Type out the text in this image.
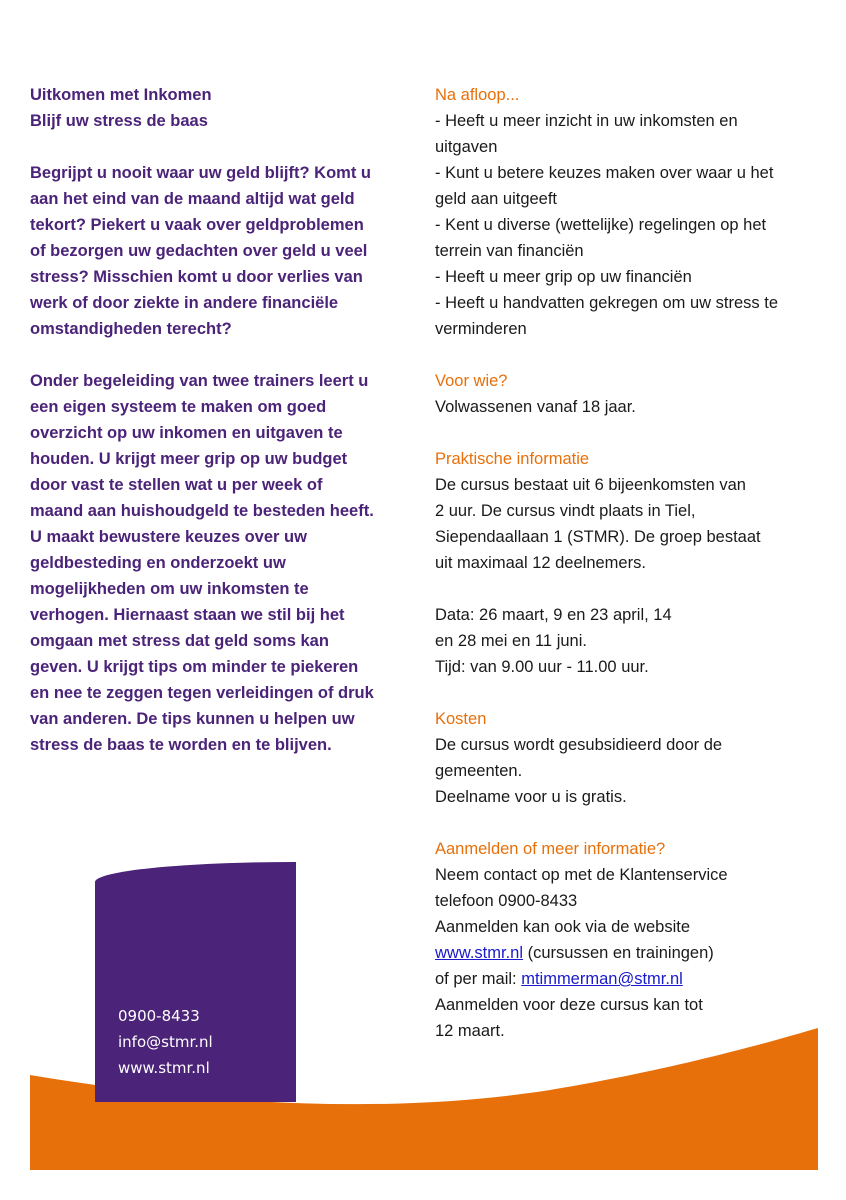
Uitkomen met Inkomen
Blijf uw stress de baas

Begrijpt u nooit waar uw geld blijft? Komt u
aan het eind van de maand altijd wat geld
tekort? Piekert u vaak over geldproblemen
of bezorgen uw gedachten over geld u veel
stress? Misschien komt u door verlies van
werk of door ziekte in andere financiële
omstandigheden terecht?

Onder begeleiding van twee trainers leert u
een eigen systeem te maken om goed
overzicht op uw inkomen en uitgaven te
houden. U krijgt meer grip op uw budget
door vast te stellen wat u per week of
maand aan huishoudgeld te besteden heeft.
U maakt bewustere keuzes over uw
geldbesteding en onderzoekt uw
mogelijkheden om uw inkomsten te
verhogen. Hiernaast staan we stil bij het
omgaan met stress dat geld soms kan
geven. U krijgt tips om minder te piekeren
en nee te zeggen tegen verleidingen of druk
van anderen. De tips kunnen u helpen uw
stress de baas te worden en te blijven.

Na afloop...
- Heeft u meer inzicht in uw inkomsten en
uitgaven
- Kunt u betere keuzes maken over waar u het
geld aan uitgeeft
- Kent u diverse (wettelijke) regelingen op het
terrein van financiën
- Heeft u meer grip op uw financiën
- Heeft u handvatten gekregen om uw stress te
verminderen
Voor wie?
Volwassenen vanaf 18 jaar.
Praktische informatie
De cursus bestaat uit 6 bijeenkomsten van
2 uur. De cursus vindt plaats in Tiel,
Siependaallaan 1 (STMR). De groep bestaat
uit maximaal 12 deelnemers.
Data: 26 maart, 9 en 23 april, 14
en 28 mei en 11 juni.
Tijd: van 9.00 uur - 11.00 uur.
Kosten
De cursus wordt gesubsidieerd door de
gemeenten.
Deelname voor u is gratis.
Aanmelden of meer informatie?
Neem contact op met de Klantenservice
telefoon 0900-8433
Aanmelden kan ook via de website
www.stmr.nl (cursussen en trainingen)
of per mail: mtimmerman@stmr.nl
Aanmelden voor deze cursus kan tot
12 maart.
0900-8433
info@stmr.nl
www.stmr.nl
